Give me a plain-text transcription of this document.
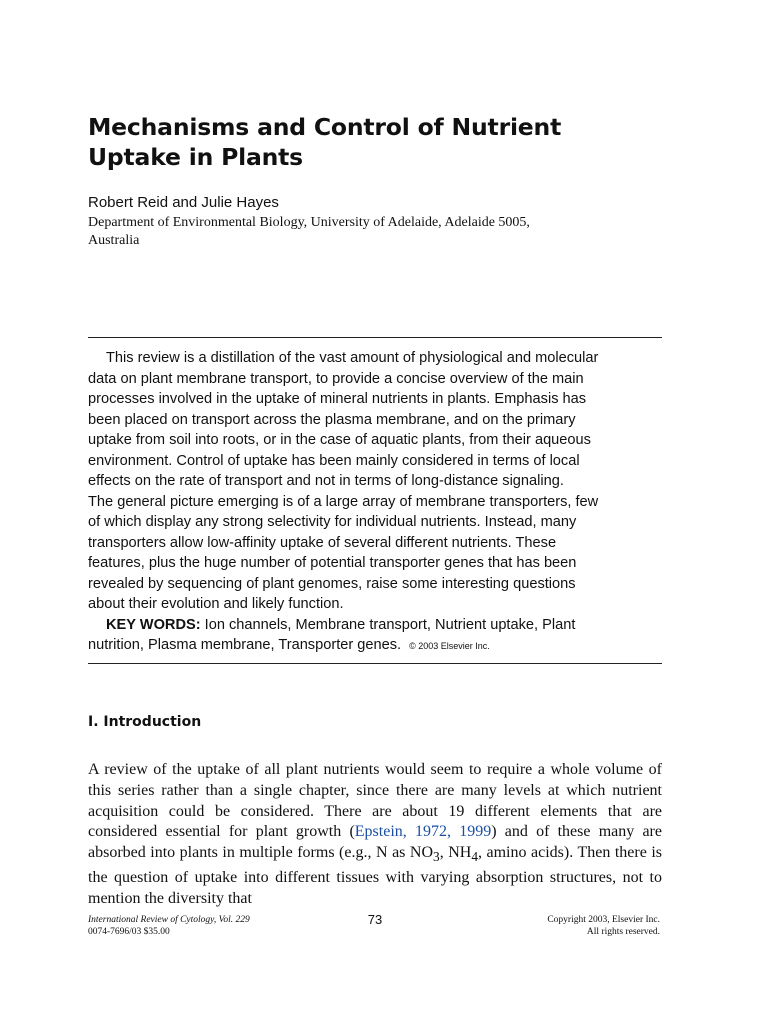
Mechanisms and Control of Nutrient
Uptake in Plants
Robert Reid and Julie Hayes
Department of Environmental Biology, University of Adelaide, Adelaide 5005,
Australia

This review is a distillation of the vast amount of physiological and molecular
data on plant membrane transport, to provide a concise overview of the main
processes involved in the uptake of mineral nutrients in plants. Emphasis has
been placed on transport across the plasma membrane, and on the primary
uptake from soil into roots, or in the case of aquatic plants, from their aqueous
environment. Control of uptake has been mainly considered in terms of local
effects on the rate of transport and not in terms of long-distance signaling.
The general picture emerging is of a large array of membrane transporters, few
of which display any strong selectivity for individual nutrients. Instead, many
transporters allow low-affinity uptake of several different nutrients. These
features, plus the huge number of potential transporter genes that has been
revealed by sequencing of plant genomes, raise some interesting questions
about their evolution and likely function.

KEY WORDS: Ion channels, Membrane transport, Nutrient uptake, Plant
nutrition, Plasma membrane, Transporter genes. © 2003 Elsevier Inc.

I. Introduction
A review of the uptake of all plant nutrients would seem to require a whole volume of this series rather than a single chapter, since there are many levels at which nutrient acquisition could be considered. There are about 19 different elements that are considered essential for plant growth (Epstein, 1972, 1999) and of these many are absorbed into plants in multiple forms (e.g., N as $NO_3$, $NH_4$, amino acids). Then there is the question of uptake into different tissues with varying absorption structures, not to mention the diversity that
International Review of Cytology, Vol. 229
0074-7696/03 $35.00
73	Copyright 2003, Elsevier Inc.
All rights reserved.
